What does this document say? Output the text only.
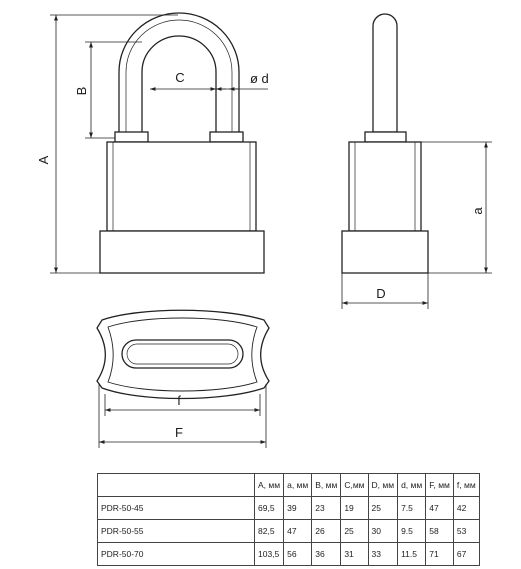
A
B
C	ø d
a
D
f
F
	A, мм	a, мм	B, мм	C,мм	D, мм	d, мм	F, мм	f, мм
PDR-50-45	69,5	39	23	19	25	7.5	47	42
PDR-50-55	82,5	47	26	25	30	9.5	58	53
PDR-50-70	103,5	56	36	31	33	11.5	71	67
